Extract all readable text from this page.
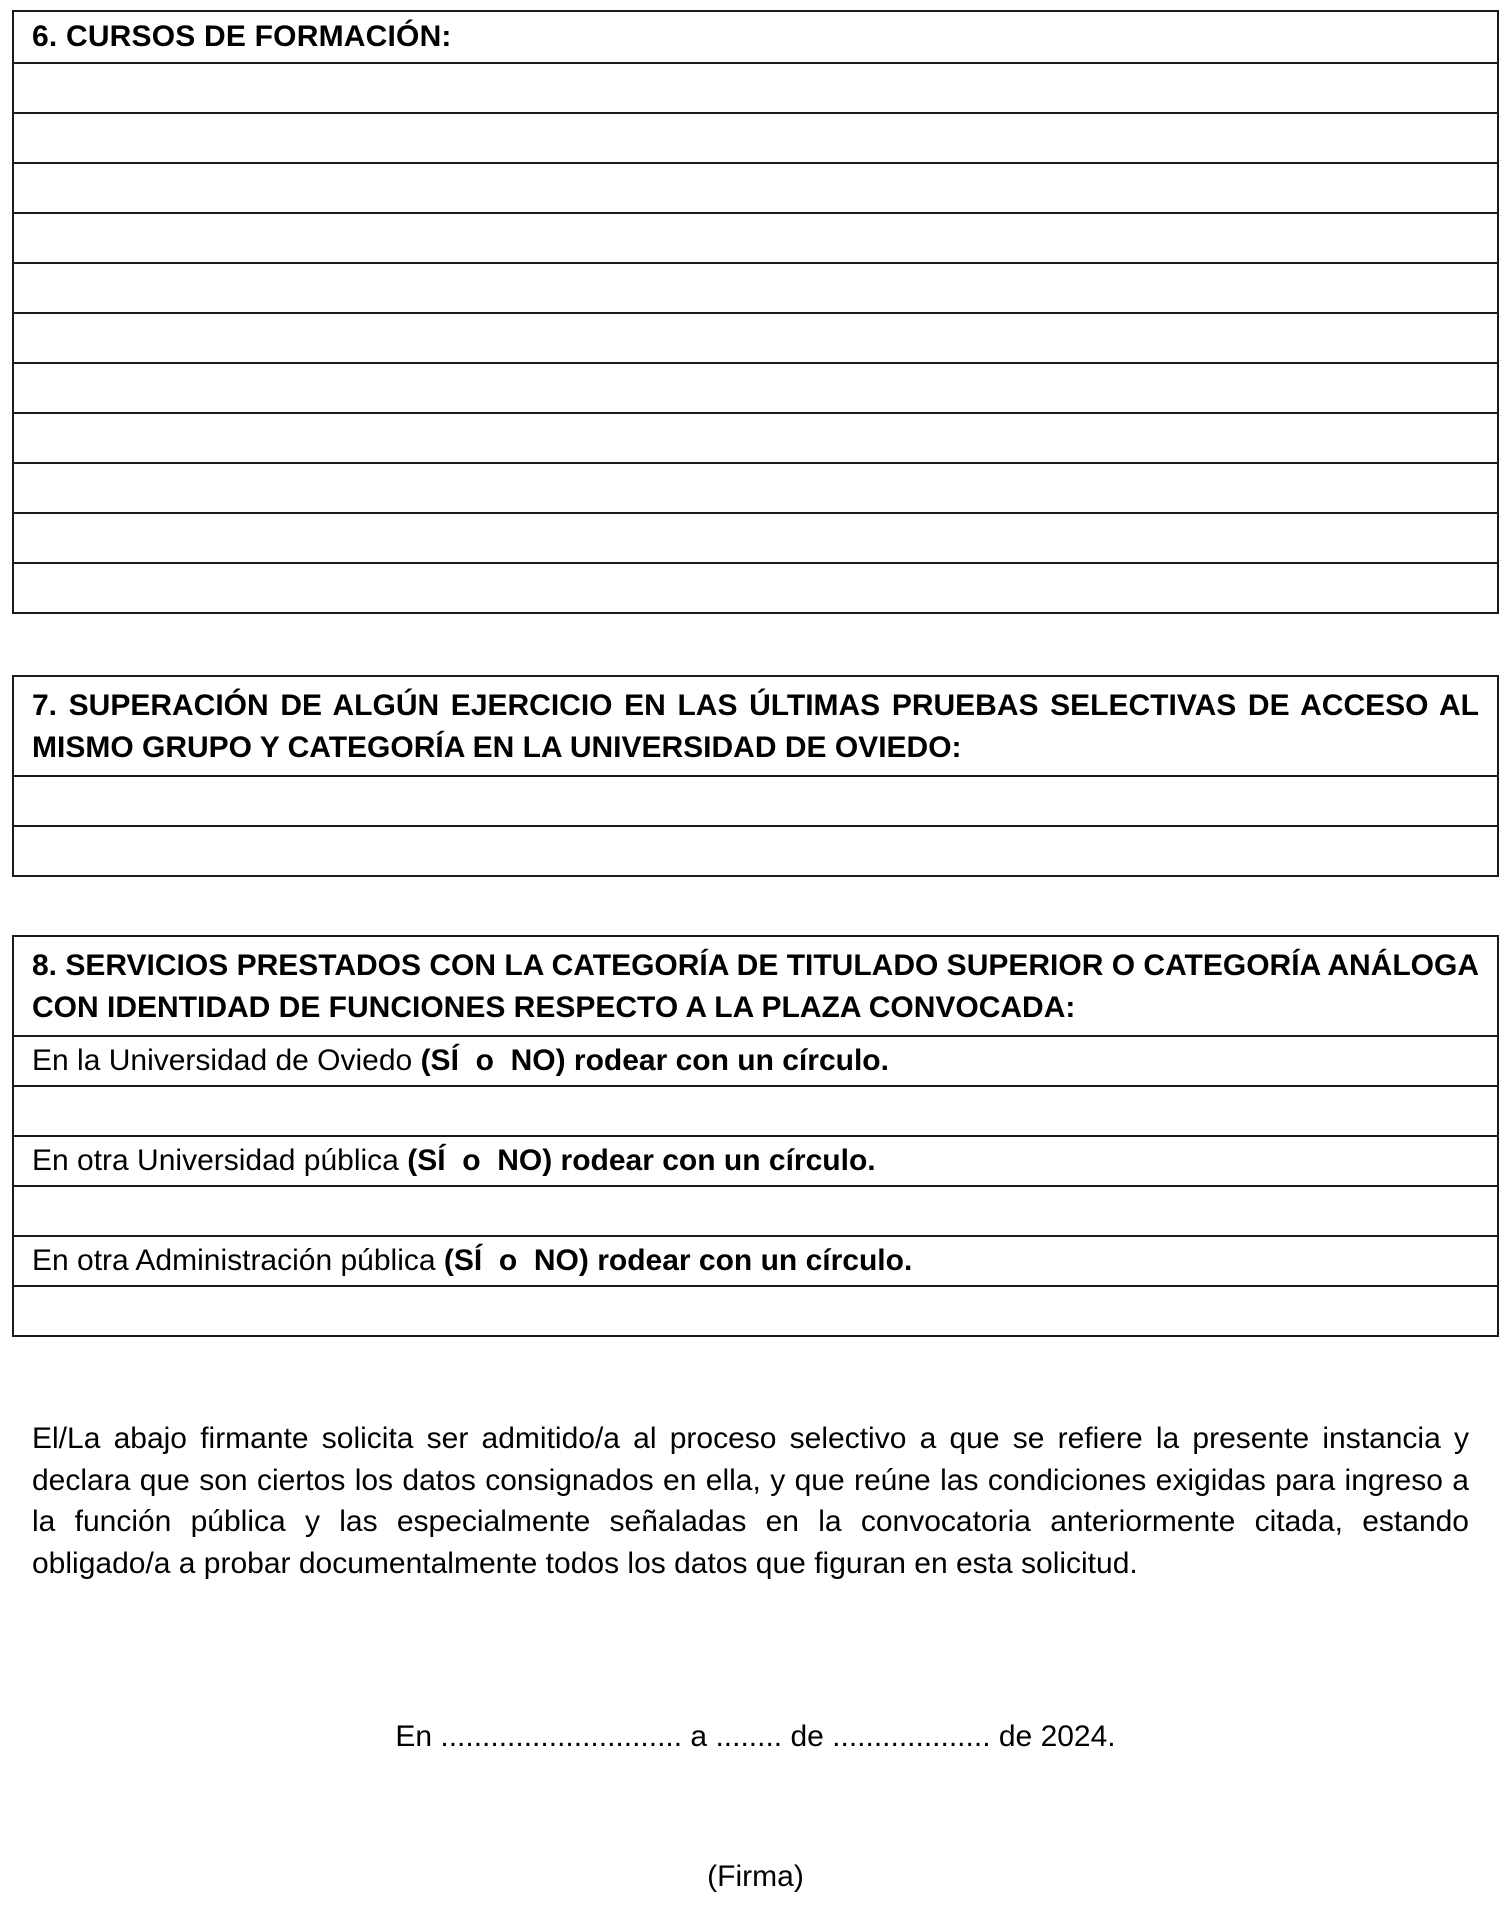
6. CURSOS DE FORMACIÓN:
7. SUPERACIÓN DE ALGÚN EJERCICIO EN LAS ÚLTIMAS PRUEBAS SELECTIVAS DE ACCESO AL MISMO GRUPO Y CATEGORÍA EN LA UNIVERSIDAD DE OVIEDO:
8. SERVICIOS PRESTADOS CON LA CATEGORÍA DE TITULADO SUPERIOR O CATEGORÍA ANÁLOGA CON IDENTIDAD DE FUNCIONES RESPECTO A LA PLAZA CONVOCADA:
En la Universidad de Oviedo (SÍ  o  NO) rodear con un círculo.
En otra Universidad pública (SÍ  o  NO) rodear con un círculo.
En otra Administración pública (SÍ  o  NO) rodear con un círculo.
El/La abajo firmante solicita ser admitido/a al proceso selectivo a que se refiere la presente instancia y declara que son ciertos los datos consignados en ella, y que reúne las condiciones exigidas para ingreso a la función pública y las especialmente señaladas en la convocatoria anteriormente citada, estando obligado/a a probar documentalmente todos los datos que figuran en esta solicitud.
En ............................. a ........ de ................... de 2024.
(Firma)
